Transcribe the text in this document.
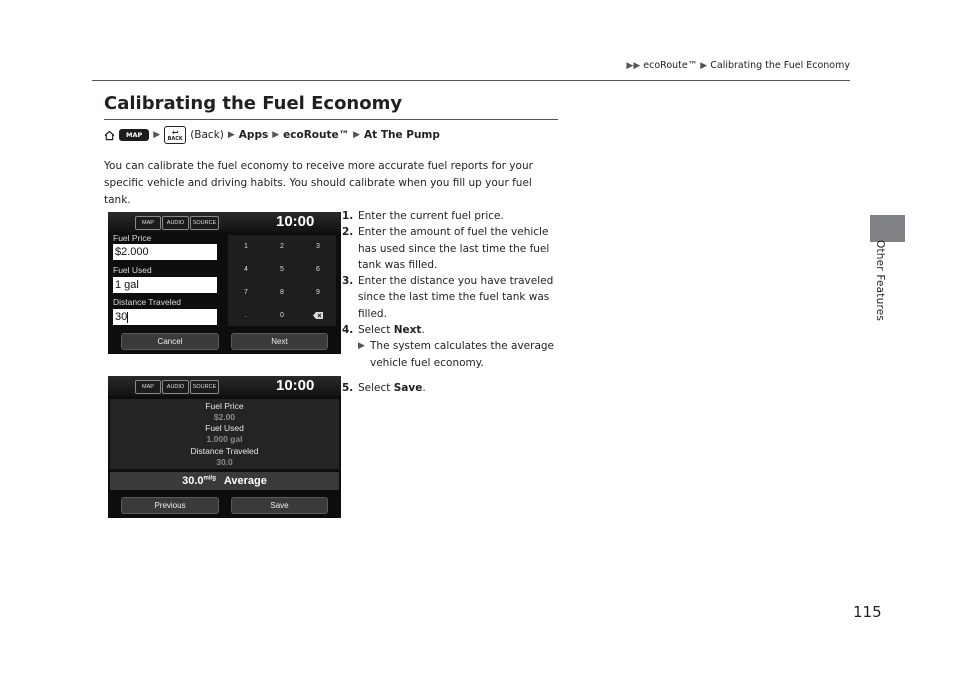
▶▶ ecoRoute™ ▶ Calibrating the Fuel Economy
Other Features
Calibrating the Fuel Economy
MAP	▶ ↩
BACK (Back) ▶ Apps ▶ ecoRoute™ ▶ At The Pump

You can calibrate the fuel economy to receive more accurate fuel reports for your specific vehicle and driving habits. You should calibrate when you fill up your fuel tank.

1. Enter the current fuel price.
2. Enter the amount of fuel the vehicle has used since the last time the fuel tank was filled.
3. Enter the distance you have traveled since the last time the fuel tank was filled.
4. Select Next.
▶ The system calculates the average vehicle fuel economy.
5. Select Save.
MAP	AUDIO	SOURCE	10:00
Fuel Price
$2.000
Fuel Used
1 gal
Distance Traveled
30
1	2	3
4	5	6
7	8	9
.	0
Cancel	Next
MAP	AUDIO	SOURCE	10:00
Fuel Price
$2.00
Fuel Used
1.000 gal
Distance Traveled
30.0
$30.0^{mi/g}$ Average
Previous	Save
115
